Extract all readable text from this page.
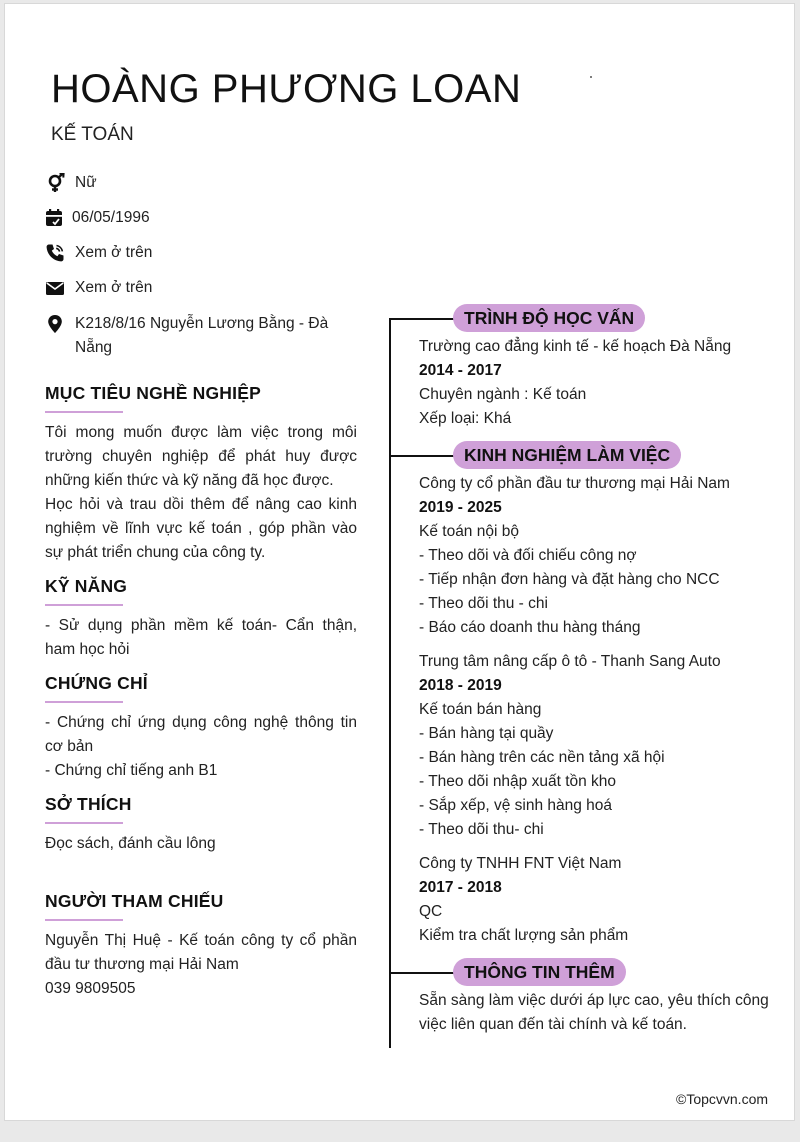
HOÀNG PHƯƠNG LOAN
KẾ TOÁN
Nữ
06/05/1996
Xem ở trên
Xem ở trên
K218/8/16 Nguyễn Lương Bằng - Đà Nẵng
MỤC TIÊU NGHỀ NGHIỆP
Tôi mong muốn được làm việc trong môi trường chuyên nghiệp để phát huy được những kiến thức và kỹ năng đã học được.
Học hỏi và trau dồi thêm để nâng cao kinh nghiệm về lĩnh vực kế toán , góp phần vào sự phát triển chung của công ty.
KỸ NĂNG
- Sử dụng phần mềm kế toán- Cẩn thận, ham học hỏi
CHỨNG CHỈ
- Chứng chỉ ứng dụng công nghệ thông tin cơ bản
- Chứng chỉ tiếng anh B1
SỞ THÍCH
Đọc sách, đánh cầu lông
NGƯỜI THAM CHIẾU
Nguyễn Thị Huệ - Kế toán công ty cổ phần đầu tư thương mại Hải Nam
039 9809505
TRÌNH ĐỘ HỌC VẤN
Trường cao đẳng kinh tế - kế hoạch Đà Nẵng
2014 - 2017
Chuyên ngành : Kế toán
Xếp loại: Khá
KINH NGHIỆM LÀM VIỆC
Công ty cổ phần đầu tư thương mại Hải Nam
2019 - 2025
Kế toán nội bộ
- Theo dõi và đối chiếu công nợ
- Tiếp nhận đơn hàng và đặt hàng cho NCC
- Theo dõi thu - chi
- Báo cáo doanh thu hàng tháng
Trung tâm nâng cấp ô tô - Thanh Sang Auto
2018 - 2019
Kế toán bán hàng
- Bán hàng tại quầy
- Bán hàng trên các nền tảng xã hội
- Theo dõi nhập xuất tồn kho
- Sắp xếp, vệ sinh hàng hoá
- Theo dõi thu- chi
Công ty TNHH FNT Việt Nam
2017 - 2018
QC
Kiểm tra chất lượng sản phẩm
THÔNG TIN THÊM
Sẵn sàng làm việc dưới áp lực cao, yêu thích công việc liên quan đến tài chính và kế toán.
©Topcvvn.com
